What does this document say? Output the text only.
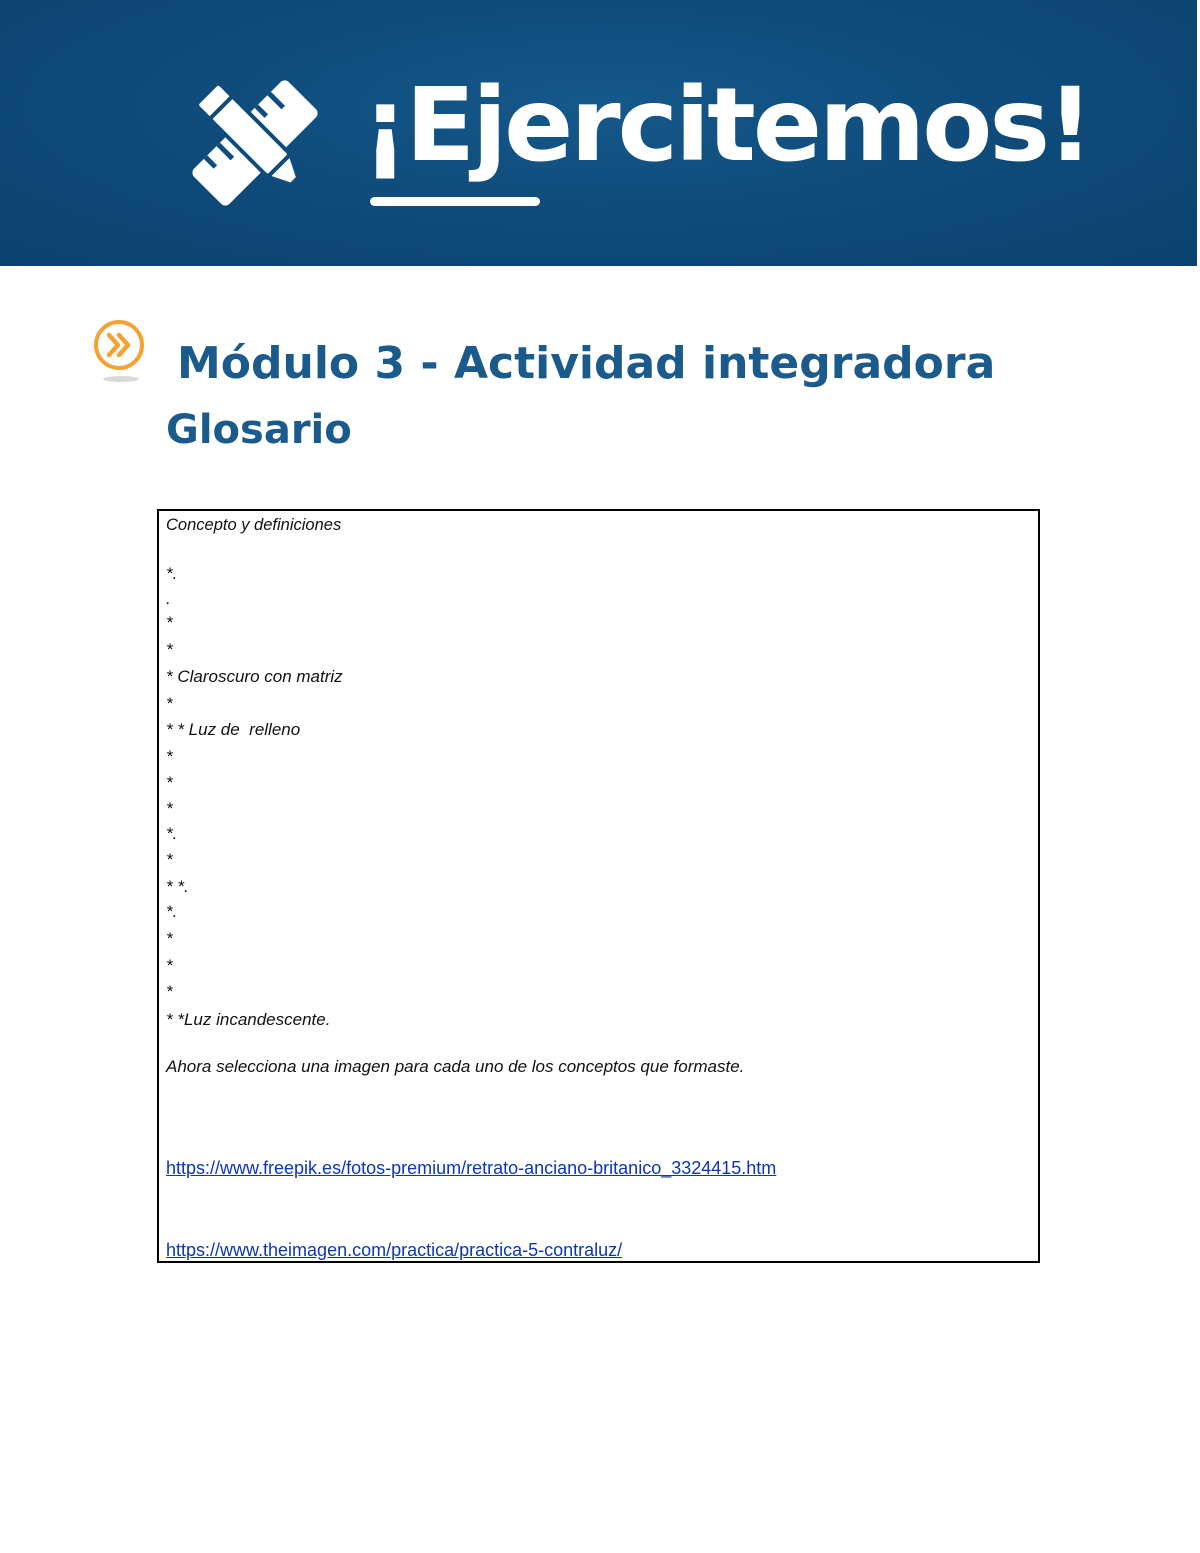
¡Ejercitemos!
Módulo 3 - Actividad integradora
Glosario
Concepto y definiciones
*.
.
*
*
* Claroscuro con matriz
*
* * Luz de  relleno
*
*
*
*.
*
* *.
*.
*
*
*
* *Luz incandescente.
Ahora selecciona una imagen para cada uno de los conceptos que formaste.
https://www.freepik.es/fotos-premium/retrato-anciano-britanico_3324415.htm
https://www.theimagen.com/practica/practica-5-contraluz/
